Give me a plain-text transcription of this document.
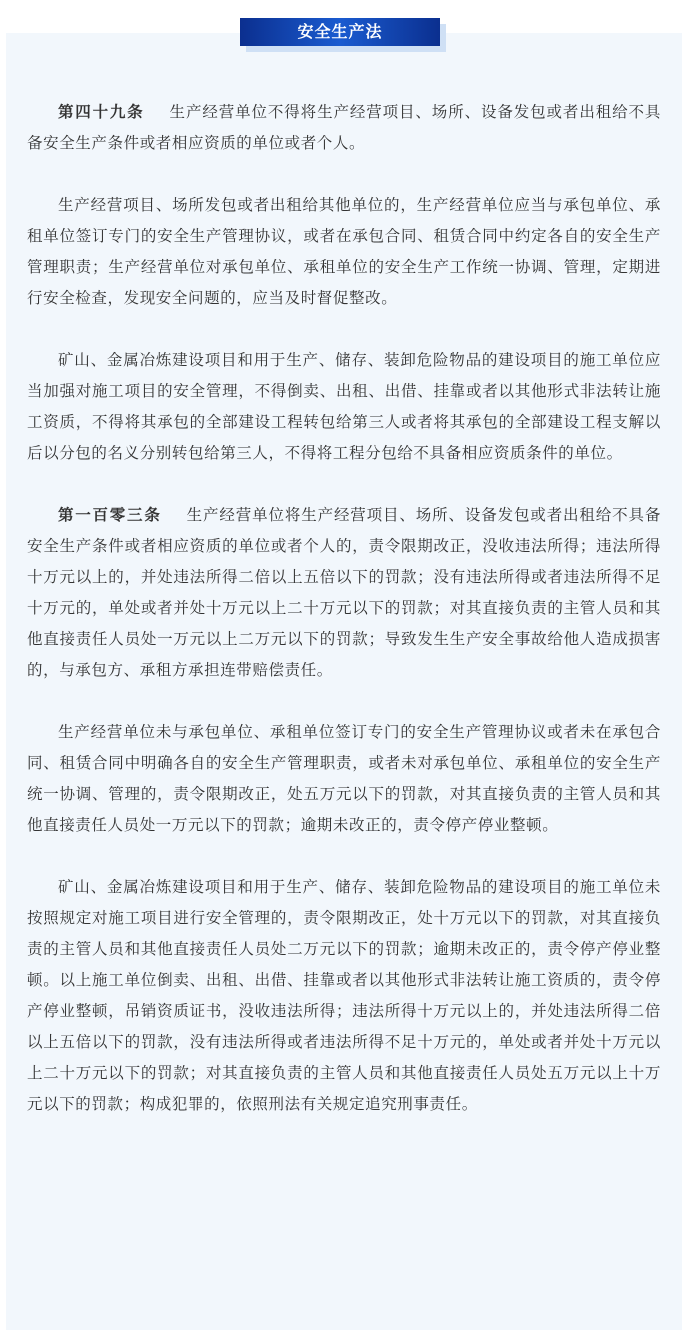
安全生产法

第四十九条 生产经营单位不得将生产经营项目、场所、设备发包或者出租给不具备安全生产条件或者相应资质的单位或者个人。

生产经营项目、场所发包或者出租给其他单位的，生产经营单位应当与承包单位、承租单位签订专门的安全生产管理协议，或者在承包合同、租赁合同中约定各自的安全生产管理职责；生产经营单位对承包单位、承租单位的安全生产工作统一协调、管理，定期进行安全检查，发现安全问题的，应当及时督促整改。

矿山、金属冶炼建设项目和用于生产、储存、装卸危险物品的建设项目的施工单位应当加强对施工项目的安全管理，不得倒卖、出租、出借、挂靠或者以其他形式非法转让施工资质，不得将其承包的全部建设工程转包给第三人或者将其承包的全部建设工程支解以后以分包的名义分别转包给第三人，不得将工程分包给不具备相应资质条件的单位。

第一百零三条 生产经营单位将生产经营项目、场所、设备发包或者出租给不具备安全生产条件或者相应资质的单位或者个人的，责令限期改正，没收违法所得；违法所得十万元以上的，并处违法所得二倍以上五倍以下的罚款；没有违法所得或者违法所得不足十万元的，单处或者并处十万元以上二十万元以下的罚款；对其直接负责的主管人员和其他直接责任人员处一万元以上二万元以下的罚款；导致发生生产安全事故给他人造成损害的，与承包方、承租方承担连带赔偿责任。

生产经营单位未与承包单位、承租单位签订专门的安全生产管理协议或者未在承包合同、租赁合同中明确各自的安全生产管理职责，或者未对承包单位、承租单位的安全生产统一协调、管理的，责令限期改正，处五万元以下的罚款，对其直接负责的主管人员和其他直接责任人员处一万元以下的罚款；逾期未改正的，责令停产停业整顿。

矿山、金属冶炼建设项目和用于生产、储存、装卸危险物品的建设项目的施工单位未按照规定对施工项目进行安全管理的，责令限期改正，处十万元以下的罚款，对其直接负责的主管人员和其他直接责任人员处二万元以下的罚款；逾期未改正的，责令停产停业整顿。以上施工单位倒卖、出租、出借、挂靠或者以其他形式非法转让施工资质的，责令停产停业整顿，吊销资质证书，没收违法所得；违法所得十万元以上的，并处违法所得二倍以上五倍以下的罚款，没有违法所得或者违法所得不足十万元的，单处或者并处十万元以上二十万元以下的罚款；对其直接负责的主管人员和其他直接责任人员处五万元以上十万元以下的罚款；构成犯罪的，依照刑法有关规定追究刑事责任。
